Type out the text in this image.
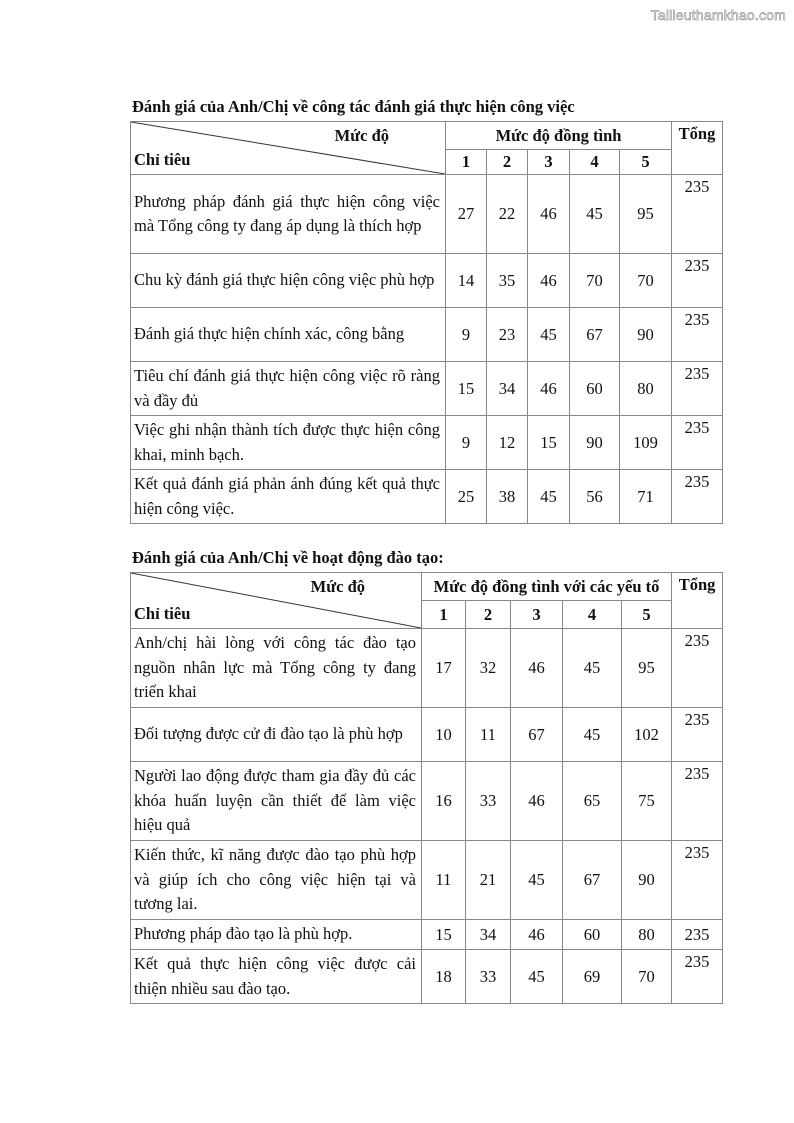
Tailieuthamkhao.com
Đánh giá của Anh/Chị về công tác đánh giá thực hiện công việc
Mức độ
Chỉ tiêu	Mức độ đồng tình					Tổng
	1	2	3	4	5	
Phương pháp đánh giá thực hiện công việc mà Tổng công ty đang áp dụng là thích hợp	27	22	46	45	95	235
Chu kỳ đánh giá thực hiện công việc phù hợp	14	35	46	70	70	235
Đánh giá thực hiện chính xác, công bằng	9	23	45	67	90	235
Tiêu chí đánh giá thực hiện công việc rõ ràng và đầy đủ	15	34	46	60	80	235
Việc ghi nhận thành tích được thực hiện công khai, minh bạch.	9	12	15	90	109	235
Kết quả đánh giá phản ánh đúng kết quả thực hiện công việc.	25	38	45	56	71	235
Đánh giá của Anh/Chị về hoạt động đào tạo:
Mức độ
Chỉ tiêu	Mức độ đồng tình với các yếu tố					Tổng
	1	2	3	4	5	
Anh/chị hài lòng với công tác đào tạo nguồn nhân lực mà Tổng công ty đang triển khai	17	32	46	45	95	235
Đối tượng được cử đi đào tạo là phù hợp	10	11	67	45	102	235
Người lao động được tham gia đầy đủ các khóa huấn luyện cần thiết để làm việc hiệu quả	16	33	46	65	75	235
Kiến thức, kĩ năng được đào tạo phù hợp và giúp ích cho công việc hiện tại và tương lai.	11	21	45	67	90	235
Phương pháp đào tạo là phù hợp.	15	34	46	60	80	235
Kết quả thực hiện công việc được cải thiện nhiều sau đào tạo.	18	33	45	69	70	235
